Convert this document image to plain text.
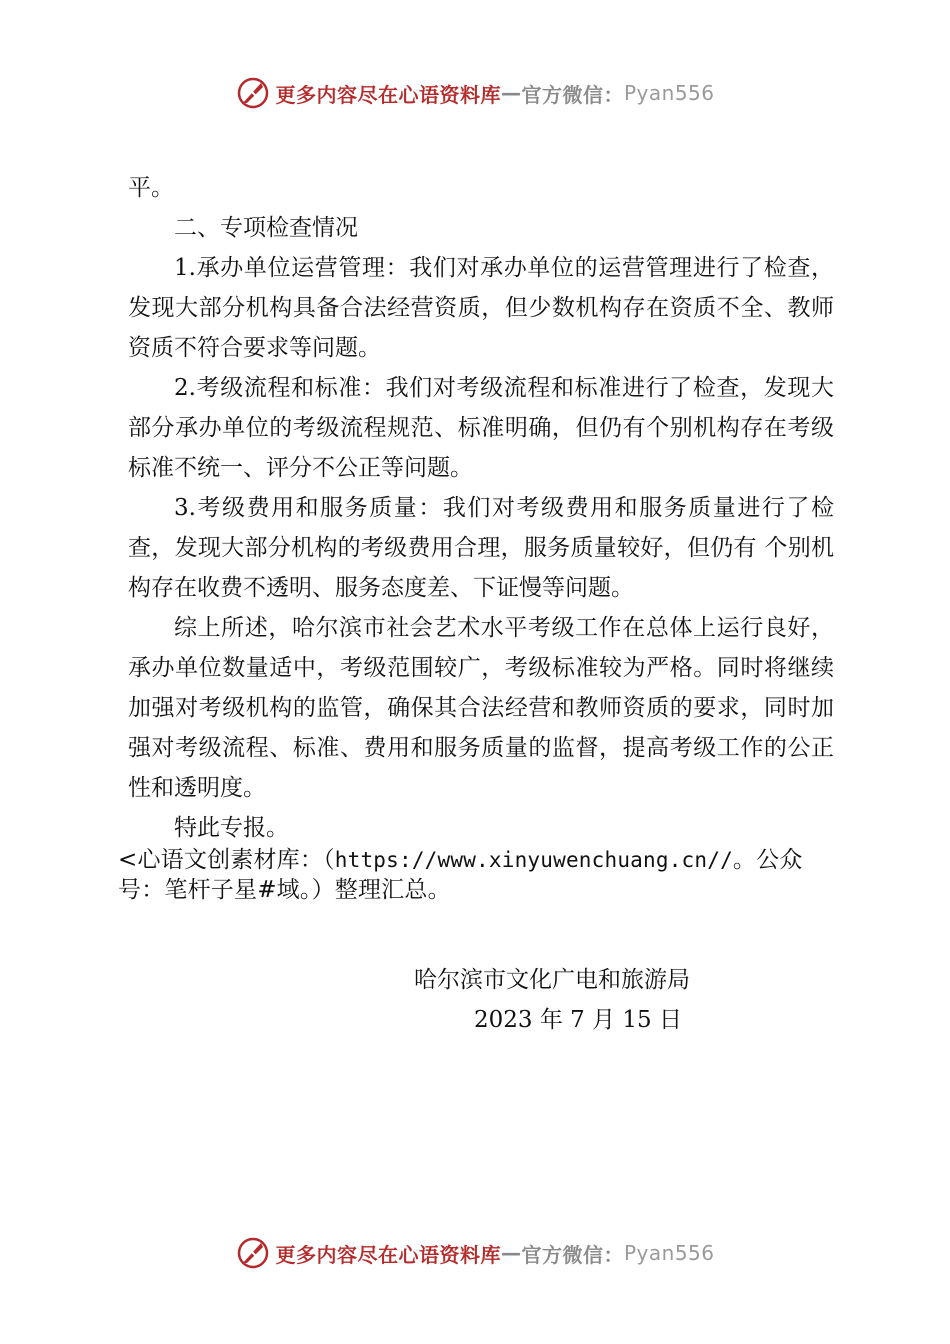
更多内容尽在心语资料库 — 官方微信： Pyan556

平。

二、专项检查情况

1.承办单位运营管理：我们对承办单位的运营管理进行了检查，发现大部分机构具备合法经营资质，但少数机构存在资质不全、教师资质不符合要求等问题。

2.考级流程和标准：我们对考级流程和标准进行了检查，发现大部分承办单位的考级流程规范、标准明确，但仍有个别机构存在考级标准不统一、评分不公正等问题。

3.考级费用和服务质量：我们对考级费用和服务质量进行了检查，发现大部分机构的考级费用合理，服务质量较好，但仍有 个别机构存在收费不透明、服务态度差、下证慢等问题。

综上所述，哈尔滨市社会艺术水平考级工作在总体上运行良好，承办单位数量适中，考级范围较广，考级标准较为严格。同时将继续加强对考级机构的监管，确保其合法经营和教师资质的要求，同时加强对考级流程、标准、费用和服务质量的监督，提高考级工作的公正性和透明度。

特此专报。

<心语文创素材库：（https://www.xinyuwenchuang.cn//。公众号：笔杆子星#域。）整理汇总。
哈尔滨市文化广电和旅游局
2023 年 7 月 15 日
更多内容尽在心语资料库 — 官方微信： Pyan556
